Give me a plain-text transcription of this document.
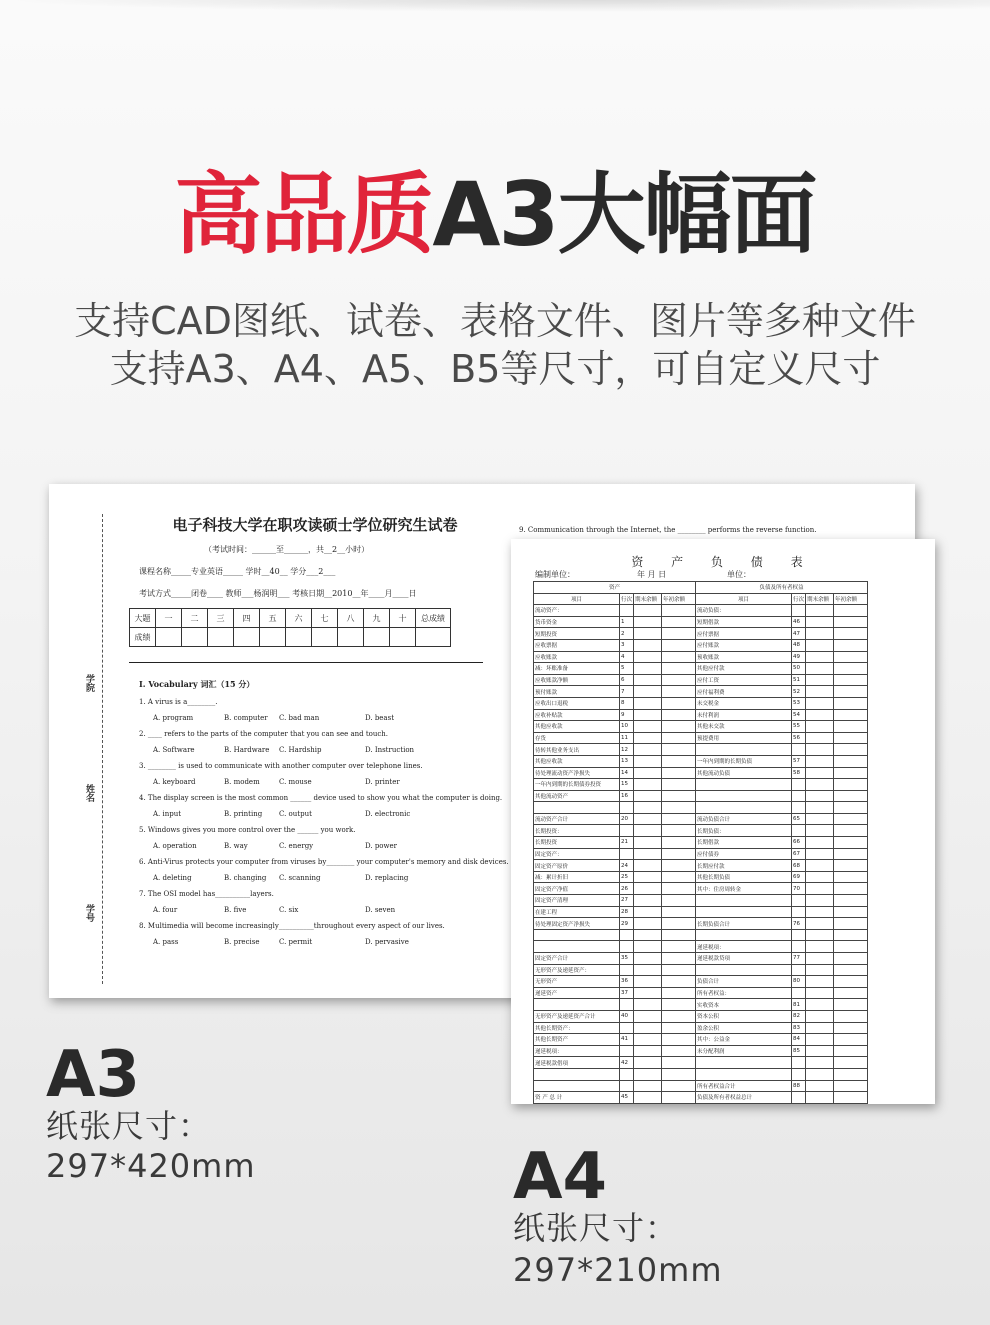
高品质A3大幅面
支持CAD图纸、试卷、表格文件、图片等多种文件
支持A3、A4、A5、B5等尺寸，可自定义尺寸
学院
姓名
学号
电子科技大学在职攻读硕士学位研究生试卷
（考试时间：______至______，共__2__小时）
课程名称_____专业英语_____ 学时__40__ 学分___2___
考试方式_____闭卷____ 教师___杨润明___ 考核日期__2010__年____月____日
大题	一	二	三	四	五	六	七	八	九	十	总成绩
成绩											
I. Vocabulary 词汇（15 分）
1. A virus is a________.
A. program	B. computer C. bad man	D. beast
2. ____ refers to the parts of the computer that you can see and touch.
A. Software	B. Hardware C. Hardship	D. Instruction
3. ________ is used to communicate with another computer over telephone lines.
A. keyboard	B. modem	C. mouse	D. printer
4. The display screen is the most common ______ device used to show you what the computer is doing.
A. input	B. printing C. output	D. electronic
5. Windows gives you more control over the ______ you work.
A. operation	B. way	C. energy	D. power
6. Anti-Virus protects your computer from viruses by________ your computer's memory and disk devices.
A. deleting	B. changing C. scanning	D. replacing
7. The OSI model has__________layers.
A. four	B. five	C. six	D. seven
8. Multimedia will become increasingly__________throughout every aspect of our lives.
A. pass	B. precise	C. permit	D. pervasive
9. Communication through the Internet, the ________ performs the reverse function.
资 产 负 债 表
编制单位：	年 月 日	单位：
资产				负债及所有者权益			
项目	行次	期末余额	年初余额	项目	行次	期末余额	年初余额
流动资产：				流动负债：			
货币资金	1			短期借款	46		
短期投资	2			应付票据	47		
应收票据	3			应付账款	48		
应收账款	4			预收账款	49		
减：坏账准备	5			其他应付款	50		
应收账款净额	6			应付工资	51		
预付账款	7			应付福利费	52		
应收出口退税	8			未交税金	53		
应收补贴款	9			未付利润	54		
其他应收款	10			其他未交款	55		
存货	11			预提费用	56		
待转其他业务支出	12						
其他应收款	13			一年内到期的长期负债	57		
待处理流动资产净损失	14			其他流动负债	58		
一年内到期的长期债券投资	15						
其他流动资产	16						

流动资产合计	20			流动负债合计	65		
长期投资：				长期负债：			
长期投资	21			长期借款	66		
固定资产：				应付债券	67		
固定资产原价	24			长期应付款	68		
减：累计折旧	25			其他长期负债	69		
固定资产净值	26			其中：住房周转金	70		
固定资产清理	27						
在建工程	28						
待处理固定资产净损失	29			长期负债合计	76		

				递延税项：			
固定资产合计	35			递延税款贷项	77		
无形资产及递延资产：							
无形资产	36			负债合计	80		
递延资产	37			所有者权益：			
				实收资本	81		
无形资产及递延资产合计	40			资本公积	82		
其他长期资产：				盈余公积	83		
其他长期资产	41			其中：公益金	84		
递延税项：				未分配利润	85		
递延税款借项	42						

				所有者权益合计	88		
资 产 总 计	45			负债及所有者权益总计			
A3
纸张尺寸：
297*420mm	A4
纸张尺寸：
297*210mm
